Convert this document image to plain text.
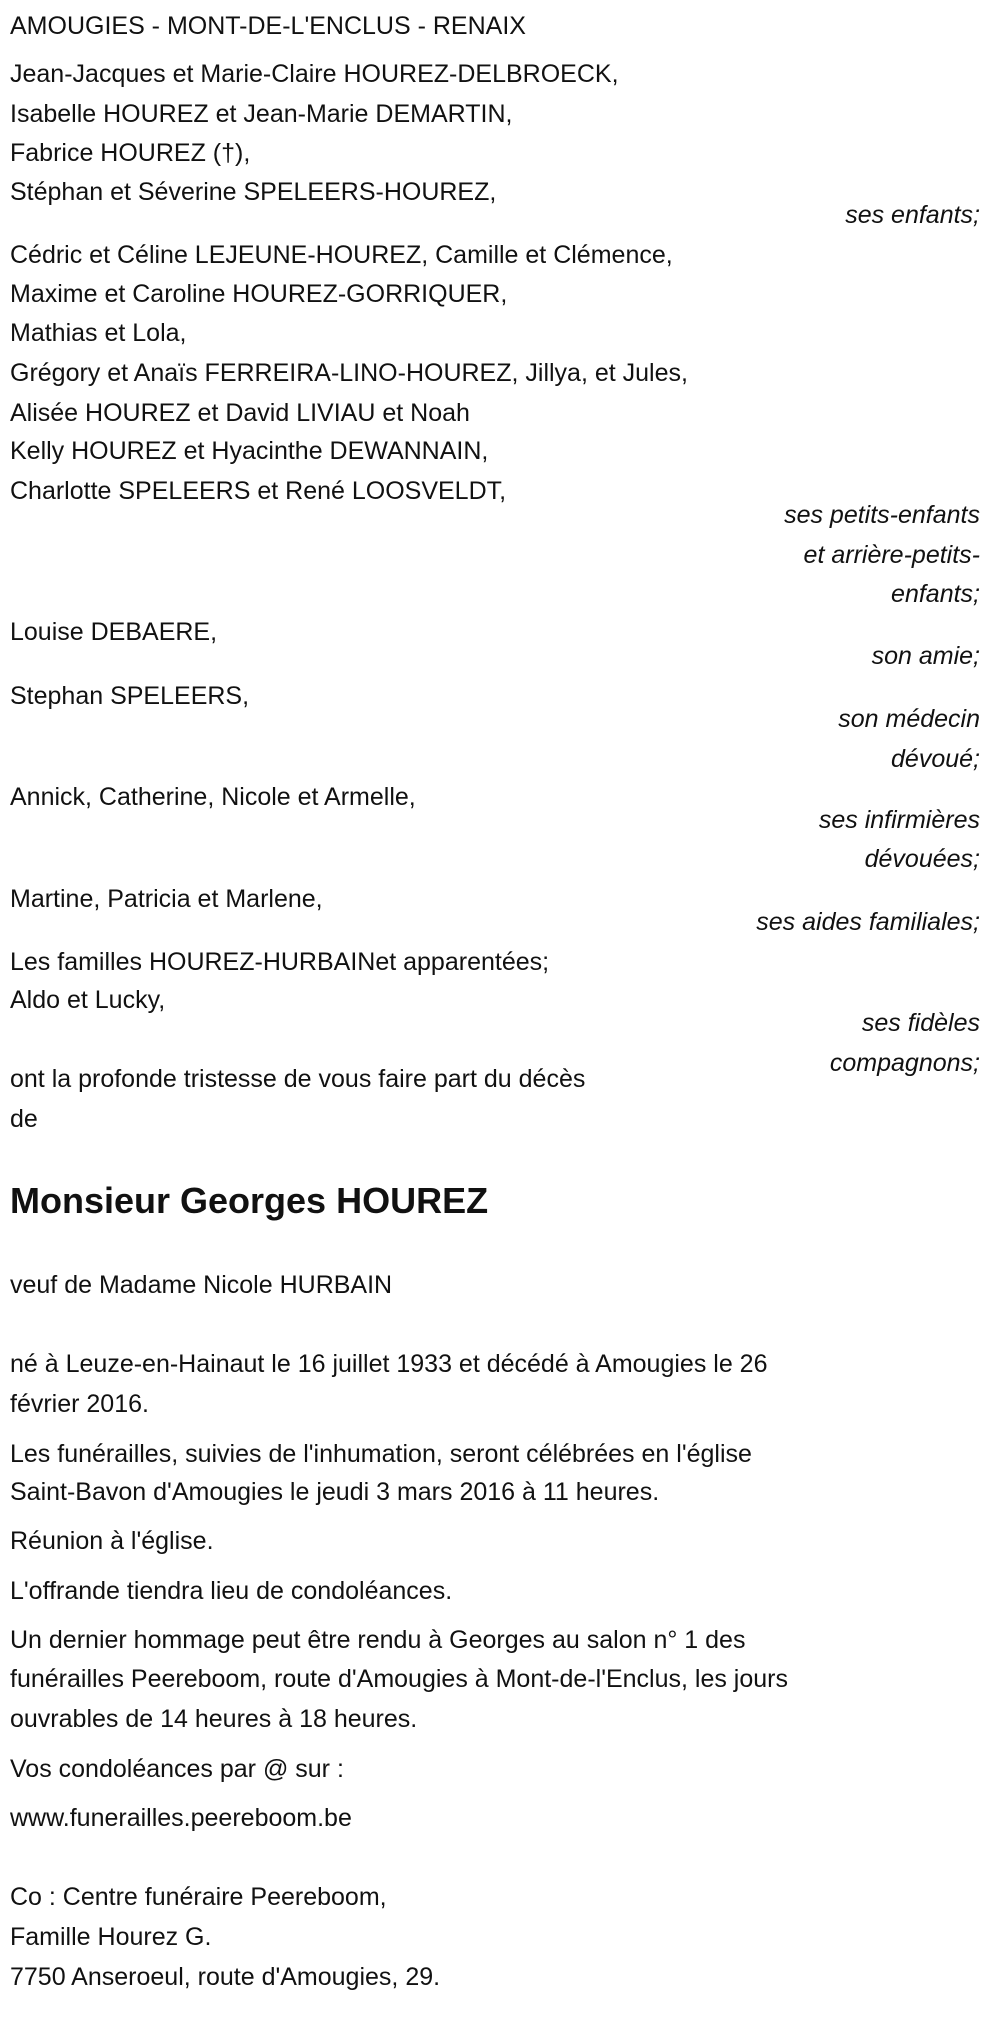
AMOUGIES - MONT-DE-L'ENCLUS - RENAIX
Jean-Jacques et Marie-Claire HOUREZ-DELBROECK,
Isabelle HOUREZ et Jean-Marie DEMARTIN,
Fabrice HOUREZ (†),
Stéphan et Séverine SPELEERS-HOUREZ,
ses enfants;
Cédric et Céline LEJEUNE-HOUREZ, Camille et Clémence,
Maxime et Caroline HOUREZ-GORRIQUER,
Mathias et Lola,
Grégory et Anaïs FERREIRA-LINO-HOUREZ, Jillya, et Jules,
Alisée HOUREZ et David LIVIAU et Noah
Kelly HOUREZ et Hyacinthe DEWANNAIN,
Charlotte SPELEERS et René LOOSVELDT,
ses petits-enfants
et arrière-petits-
enfants;
Louise DEBAERE,
son amie;
Stephan SPELEERS,
son médecin
dévoué;
Annick, Catherine, Nicole et Armelle,
ses infirmières
dévouées;
Martine, Patricia et Marlene,
ses aides familiales;
Les familles HOUREZ-HURBAINet apparentées;
Aldo et Lucky,
ses fidèles
compagnons;
ont la profonde tristesse de vous faire part du décès
de
Monsieur Georges HOUREZ
veuf de Madame Nicole HURBAIN
né à Leuze-en-Hainaut le 16 juillet 1933 et décédé à Amougies le 26
février 2016.
Les funérailles, suivies de l'inhumation, seront célébrées en l'église
Saint-Bavon d'Amougies le jeudi 3 mars 2016 à 11 heures.
Réunion à l'église.
L'offrande tiendra lieu de condoléances.
Un dernier hommage peut être rendu à Georges au salon n° 1 des
funérailles Peereboom, route d'Amougies à Mont-de-l'Enclus, les jours
ouvrables de 14 heures à 18 heures.
Vos condoléances par @ sur :
www.funerailles.peereboom.be
Co : Centre funéraire Peereboom,
Famille Hourez G.
7750 Anseroeul, route d'Amougies, 29.
